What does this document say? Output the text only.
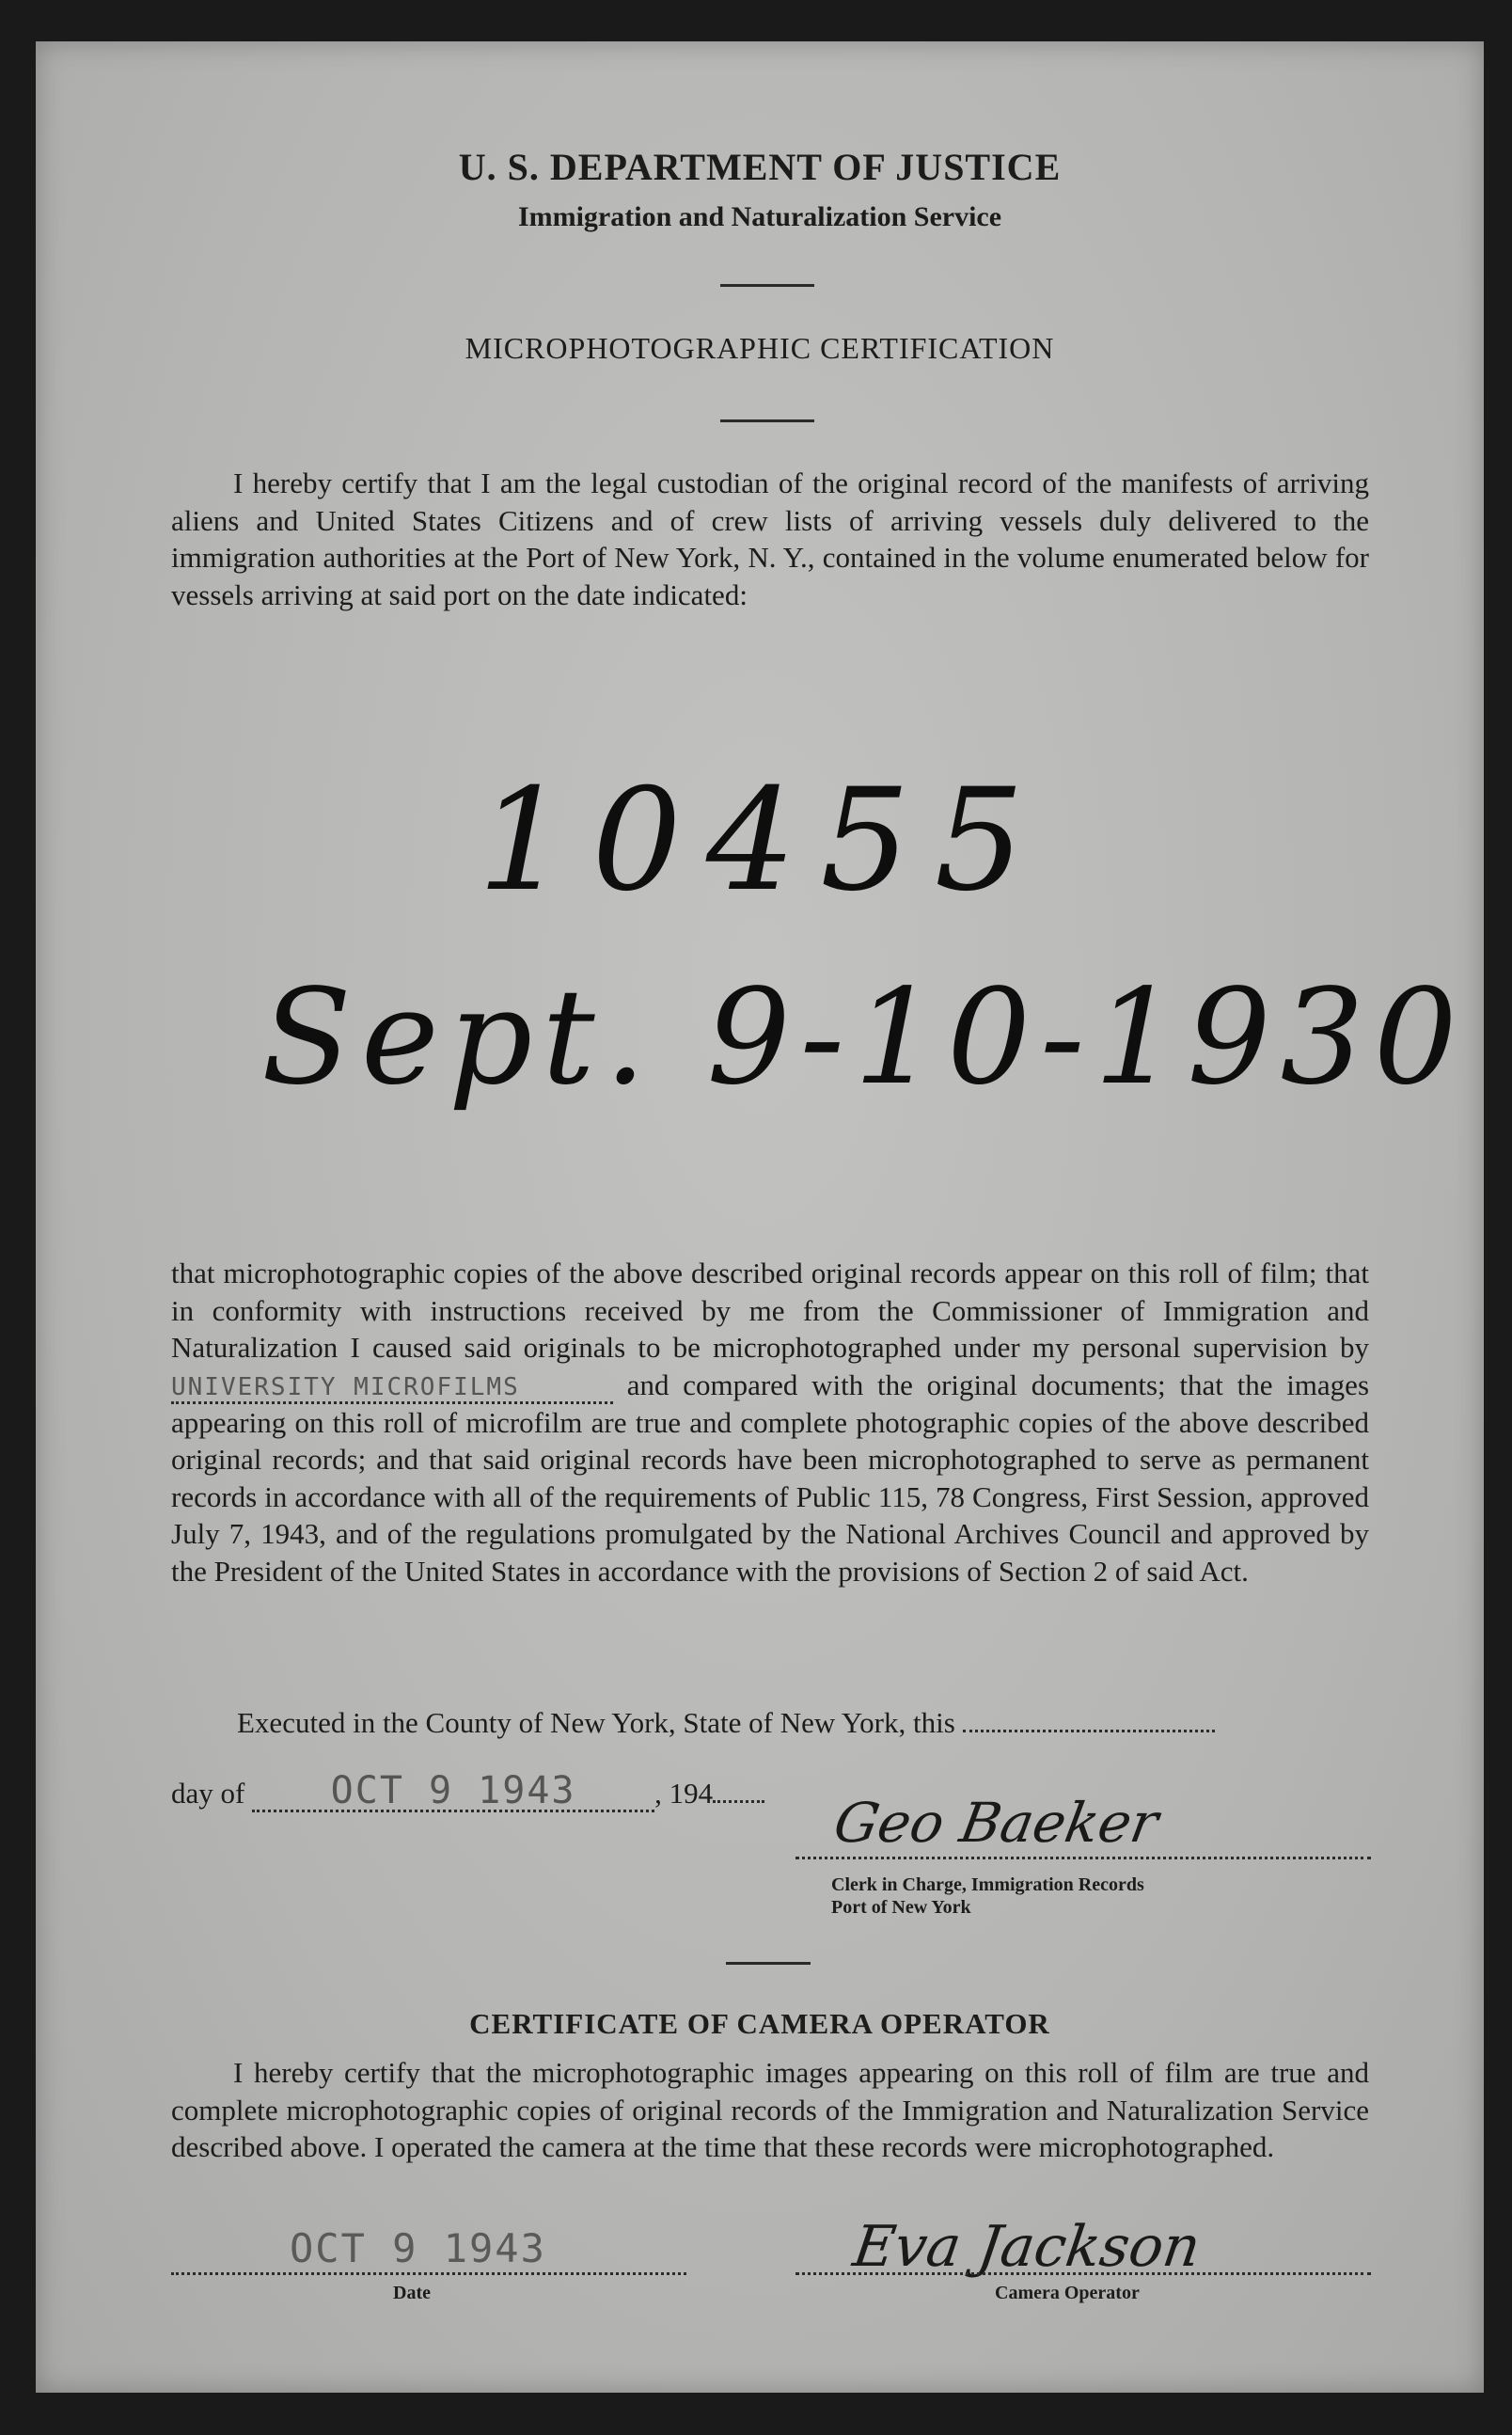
U. S. DEPARTMENT OF JUSTICE
Immigration and Naturalization Service
MICROPHOTOGRAPHIC CERTIFICATION
I hereby certify that I am the legal custodian of the original record of the manifests of arriving aliens and United States Citizens and of crew lists of arriving vessels duly delivered to the immigration authorities at the Port of New York, N. Y., contained in the volume enumerated below for vessels arriving at said port on the date indicated:
10455
Sept. 9-10-1930
that microphotographic copies of the above described original records appear on this roll of film; that in conformity with instructions received by me from the Commissioner of Immigration and Naturalization I caused said originals to be microphotographed under my personal supervision by UNIVERSITY MICROFILMS	and compared with the original documents; that the images appearing on this roll of microfilm are true and complete photographic copies of the above described original records; and that said original records have been microphotographed to serve as permanent records in accordance with all of the requirements of Public 115, 78 Congress, First Session, approved July 7, 1943, and of the regulations promulgated by the National Archives Council and approved by the President of the United States in accordance with the provisions of Section 2 of said Act.
Executed in the County of New York, State of New York, this
day of OCT 9 1943	, 194	Geo Baeker
Clerk in Charge, Immigration Records
Port of New York
CERTIFICATE OF CAMERA OPERATOR
I hereby certify that the microphotographic images appearing on this roll of film are true and complete microphotographic copies of original records of the Immigration and Naturalization Service described above. I operated the camera at the time that these records were microphotographed.
OCT 9 1943
Date
Eva Jackson
Camera Operator
